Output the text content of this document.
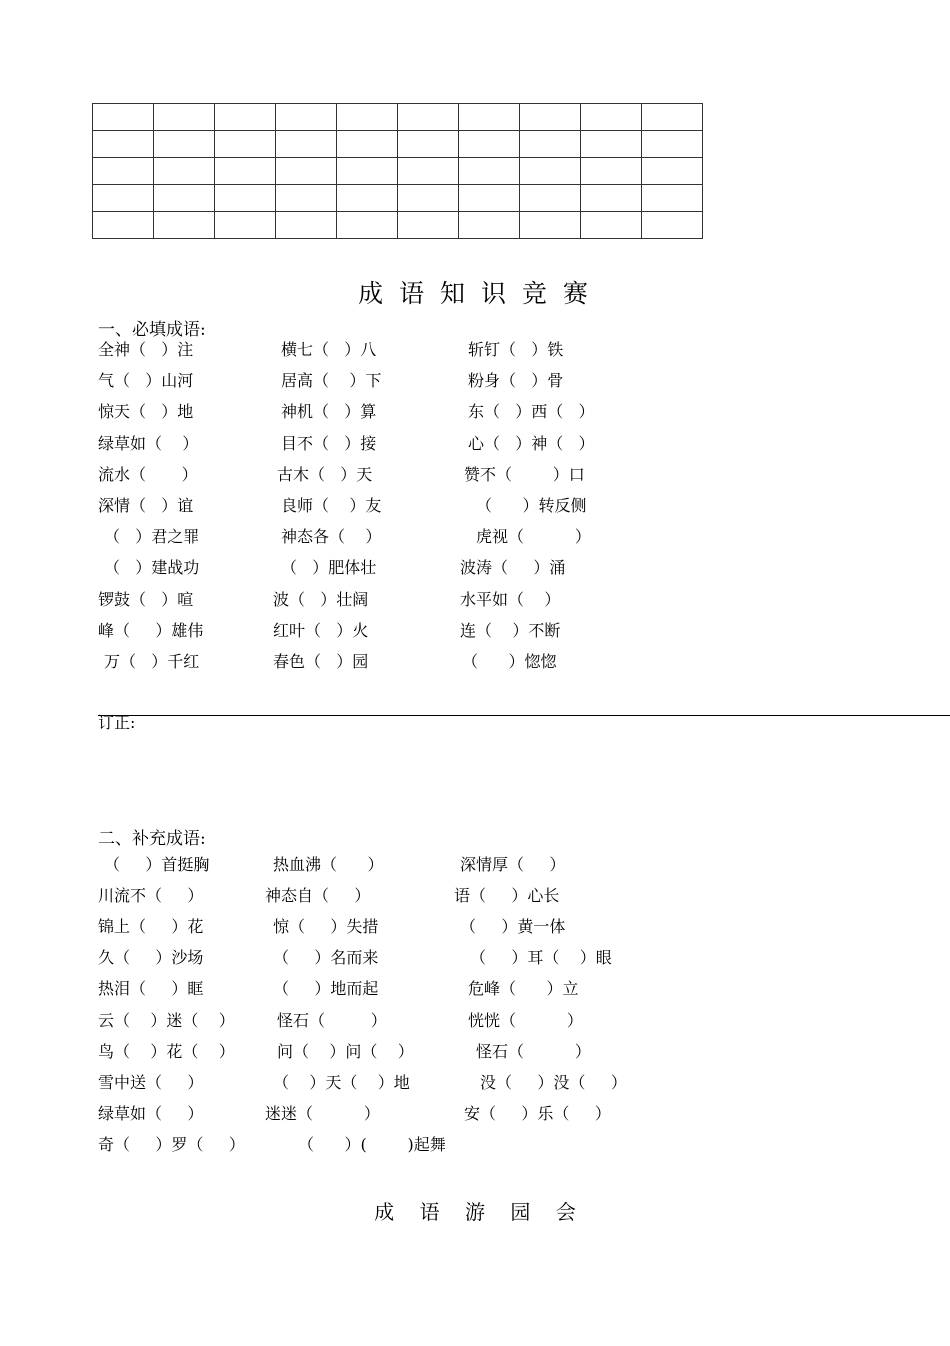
成 语 知 识 竞 赛
一、必填成语:
全神（   ）注	横七（   ）八	斩钉（   ）铁
气（   ）山河	居高（    ）下	粉身（   ）骨
惊天（   ）地	神机（   ）算	东（   ）西（   ）
绿草如（    ）	目不（   ）接	心（   ）神（   ）
流水（       ）	古木（   ）天	赞不（        ）口
深情（   ）谊	良师（    ）友	（      ）转反侧
（   ）君之罪	神态各（    ）	虎视（          ）
（   ）建战功	（   ）肥体壮	波涛（     ）涌
锣鼓（   ）喧	波（   ）壮阔	水平如（    ）
峰（     ）雄伟	红叶（   ）火	连（    ）不断
万（   ）千红	春色（   ）园	（      ）惚惚
订正:
二、补充成语:
（     ）首挺胸	热血沸（      ）	深情厚（     ）
川流不（     ）	神态自（     ）	语（     ）心长
锦上（     ）花	惊（     ）失措	（     ）黄一体
久（     ）沙场	（     ）名而来	（     ）耳（    ）眼
热泪（     ）眶	（     ）地而起	危峰（      ）立
云（    ）迷（    ）	怪石（         ）	恍恍（          ）
鸟（    ）花（    ）	问（    ）问（    ）	怪石（          ）
雪中送（     ）	（    ）天（    ）地	没（     ）没（     ）
绿草如（     ）	迷迷（          ）	安（     ）乐（     ）
奇（     ）罗（     ）	（      ）(        )起舞
成    语    游    园    会
